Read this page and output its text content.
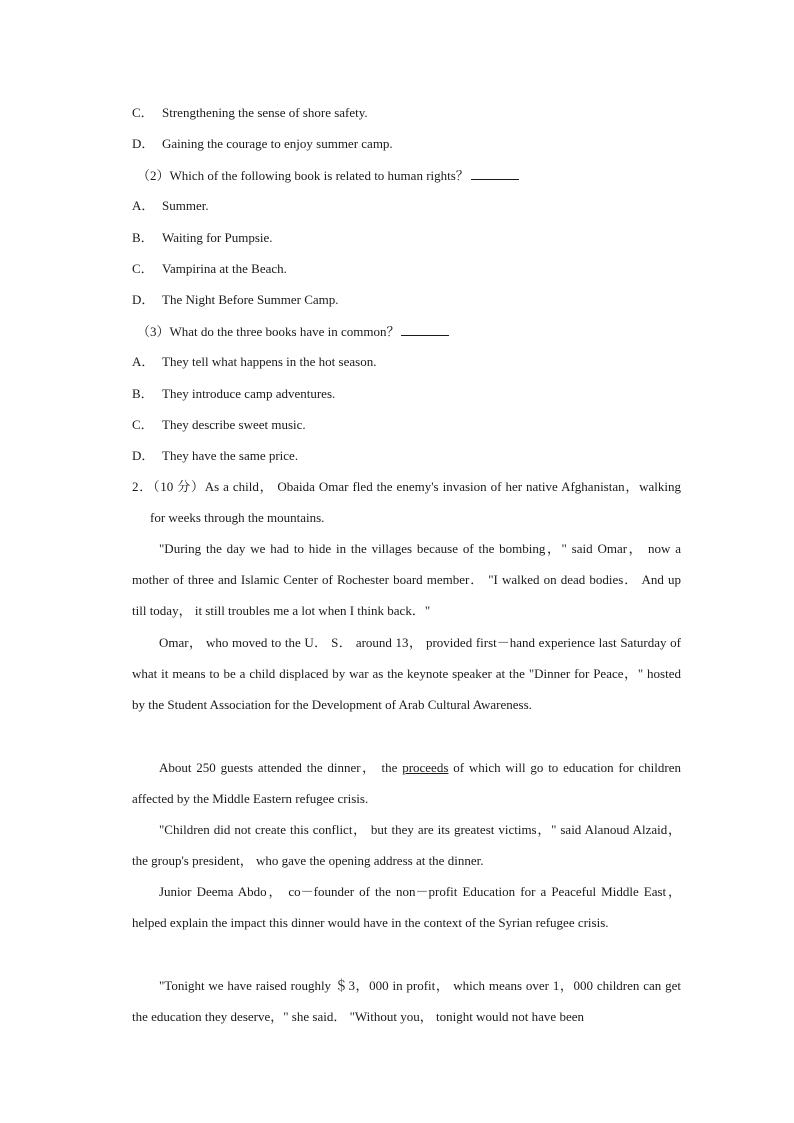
C． Strengthening the sense of shore safety.
D． Gaining the courage to enjoy summer camp.
（2）Which of the following book is related to human rights？
A． Summer.
B． Waiting for Pumpsie.
C． Vampirina at the Beach.
D． The Night Before Summer Camp.
（3）What do the three books have in common？
A． They tell what happens in the hot season.
B． They introduce camp adventures.
C． They describe sweet music.
D． They have the same price.
2．（10 分）As a child， Obaida Omar fled the enemy's invasion of her native Afghanistan，walking for weeks through the mountains.
"During the day we had to hide in the villages because of the bombing，" said Omar， now a mother of three and Islamic Center of Rochester board member． "I walked on dead bodies． And up till today， it still troubles me a lot when I think back．"
Omar， who moved to the U． S． around 13， provided first－hand experience last Saturday of what it means to be a child displaced by war as the keynote speaker at the "Dinner for Peace，" hosted by the Student Association for the Development of Arab Cultural Awareness.
About 250 guests attended the dinner， the proceeds of which will go to education for children affected by the Middle Eastern refugee crisis.
"Children did not create this conflict， but they are its greatest victims，" said Alanoud Alzaid，the group's president， who gave the opening address at the dinner.
Junior Deema Abdo， co－founder of the non－profit Education for a Peaceful Middle East， helped explain the impact this dinner would have in the context of the Syrian refugee crisis.
"Tonight we have raised roughly ＄3，000 in profit， which means over 1，000 children can get the education they deserve，" she said． "Without you， tonight would not have been
